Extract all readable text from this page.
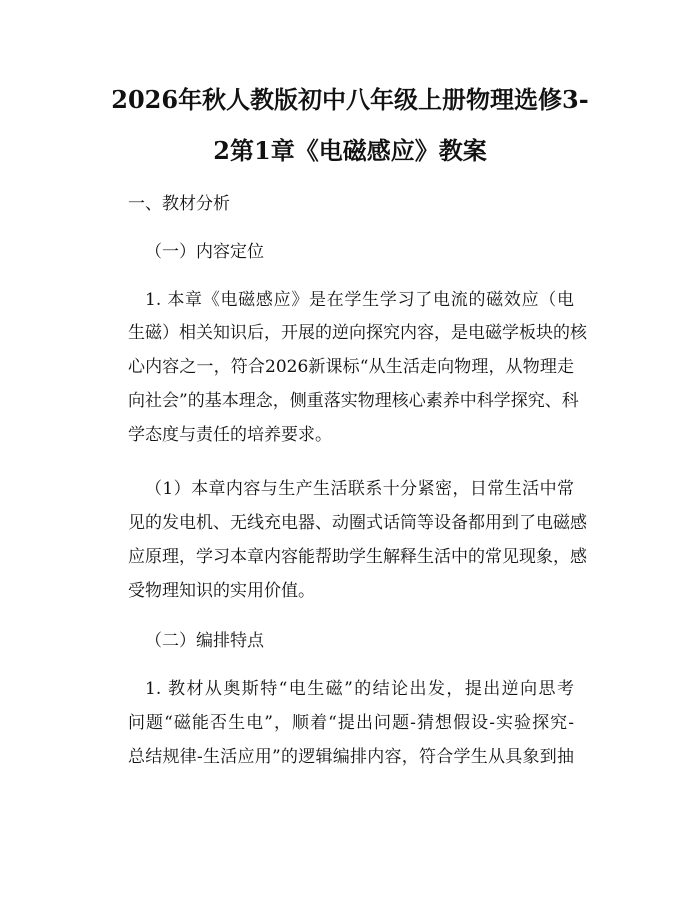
2026年秋人教版初中八年级上册物理选修3-
2第1章《电磁感应》教案

一、教材分析

（一）内容定位

1. 本章《电磁感应》是在学生学习了电流的磁效应（电

生磁）相关知识后，开展的逆向探究内容，是电磁学板块的核

心内容之一，符合2026新课标“从生活走向物理，从物理走

向社会”的基本理念，侧重落实物理核心素养中科学探究、科

学态度与责任的培养要求。

（1）本章内容与生产生活联系十分紧密，日常生活中常

见的发电机、无线充电器、动圈式话筒等设备都用到了电磁感

应原理，学习本章内容能帮助学生解释生活中的常见现象，感

受物理知识的实用价值。

（二）编排特点

1. 教材从奥斯特“电生磁”的结论出发，提出逆向思考

问题“磁能否生电”，顺着“提出问题-猜想假设-实验探究-

总结规律-生活应用”的逻辑编排内容，符合学生从具象到抽
